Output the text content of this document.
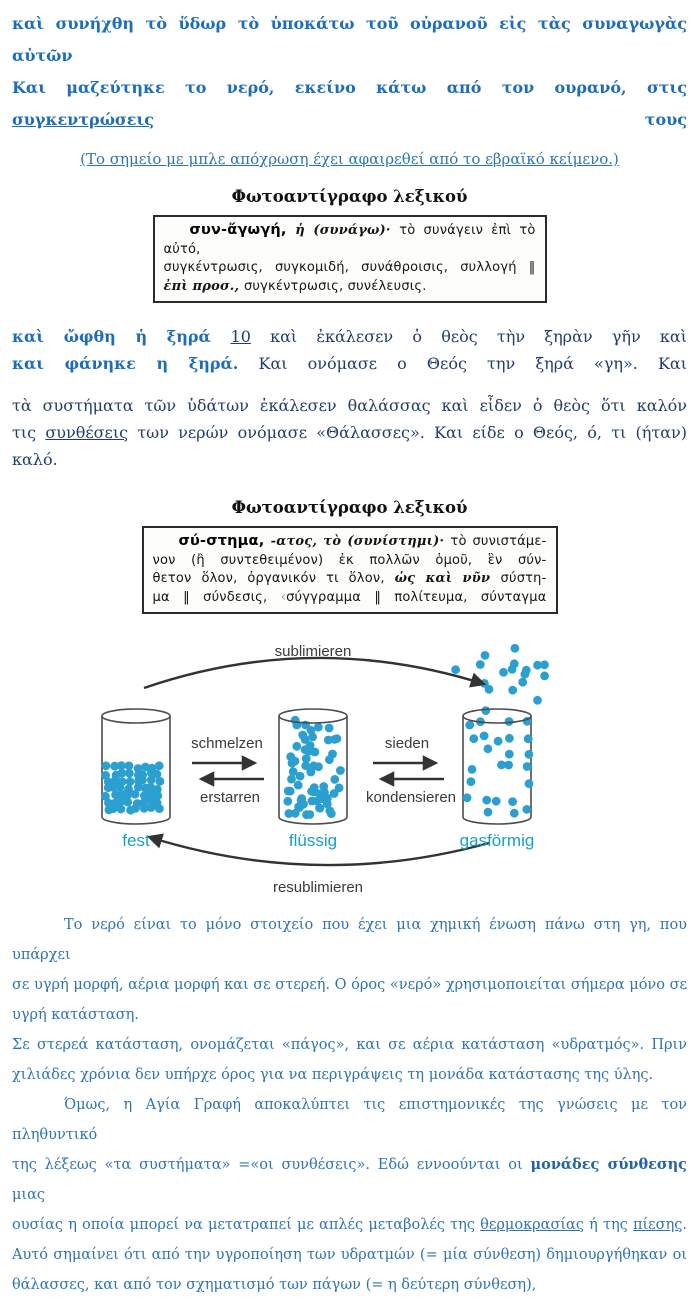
καὶ συνήχθη τὸ ὕδωρ τὸ ὑποκάτω τοῦ οὐρανοῦ εἰς τὰς συναγωγὰς αὐτῶν
Και μαζεύτηκε το νερό, εκείνο κάτω από τον ουρανό, στις συγκεντρώσεις τους
(Το σημείο με μπλε απόχρωση έχει αφαιρεθεί από το εβραϊκό κείμενο.)
Φωτοαντίγραφο λεξικού
συν-ἄγωγή, ἡ (συνάγω)· τὸ συνάγειν ἐπὶ τὸ αὐτό,
συγκέντρωσις, συγκομιδή, συνάθροισις, συλλογή ‖
ἐπὶ προσ., συγκέντρωσις, συνέλευσις.
καὶ ὤφθη ἡ ξηρά 10 καὶ ἐκάλεσεν ὁ θεὸς τὴν ξηρὰν γῆν καὶ
και φάνηκε η ξηρά. Και ονόμασε ο Θεός την ξηρά «γη». Και
τὰ συστήματα τῶν ὑδάτων ἐκάλεσεν θαλάσσας καὶ εἶδεν ὁ θεὸς ὅτι καλόν
τις συνθέσεις των νερών ονόμασε «Θάλασσες». Και είδε ο Θεός, ό, τι (ήταν) καλό.
Φωτοαντίγραφο λεξικού
σύ-στημα, -ατος, τὸ (συνίστημι)· τὸ συνιστάμε-
νον (ἢ συντεθειμένον) ἐκ πολλῶν ὁμοῦ, ἓν σύν-
θετον ὅλον, ὀργανικόν τι ὅλον, ὡς καὶ νῦν σύστη-
μα ‖ σύνδεσις, ‹σύγγραμμα ‖ πολίτευμα, σύνταγμα
sublimieren
schmelzen
erstarren
sieden
kondensieren
resublimieren
fest	flüssig	gasförmig
Το νερό είναι το μόνο στοιχείο που έχει μια χημική ένωση πάνω στη γη, που υπάρχει
σε υγρή μορφή, αέρια μορφή και σε στερεή. Ο όρος «νερό» χρησιμοποιείται σήμερα μόνο σε
υγρή κατάσταση.
Σε στερεά κατάσταση, ονομάζεται «πάγος», και σε αέρια κατάσταση «υδρατμός». Πριν
χιλιάδες χρόνια δεν υπήρχε όρος για να περιγράψεις τη μονάδα κατάστασης της ύλης.
Όμως, η Αγία Γραφή αποκαλύπτει τις επιστημονικές της γνώσεις με τον πληθυντικό
της λέξεως «τα συστήματα» =«οι συνθέσεις». Εδώ εννοούνται οι μονάδες σύνθεσης μιας
ουσίας η οποία μπορεί να μετατραπεί με απλές μεταβολές της θερμοκρασίας ή της πίεσης.
Αυτό σημαίνει ότι από την υγροποίηση των υδρατμών (= μία σύνθεση) δημιουργήθηκαν οι
θάλασσες, και από τον σχηματισμό των πάγων (= η δεύτερη σύνθεση),
